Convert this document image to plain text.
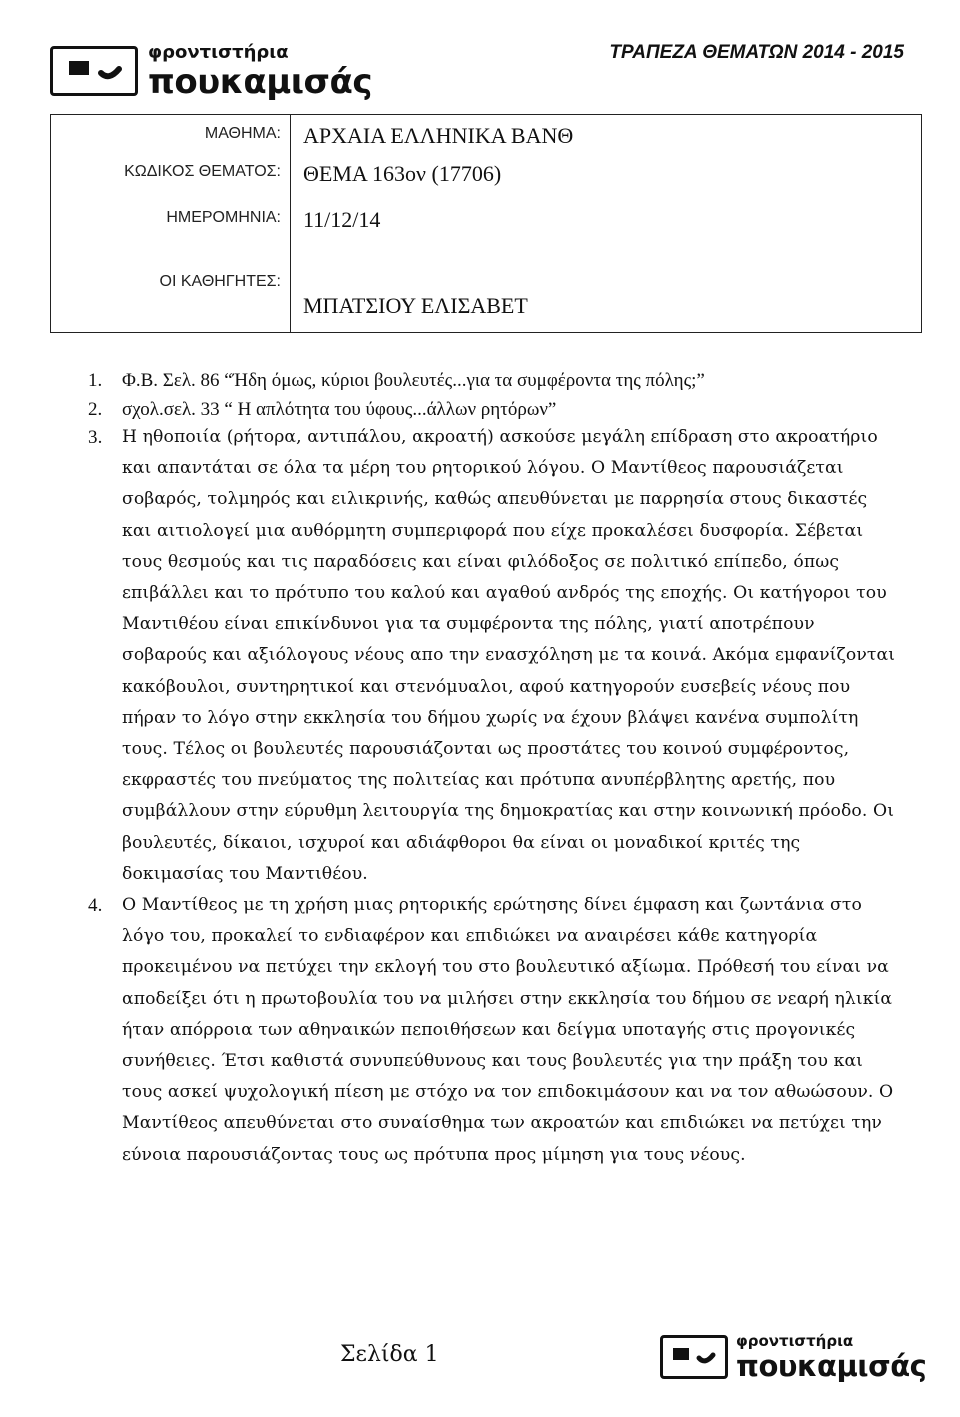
φροντιστήρια
πουκαμισάς
ΤΡΑΠΕΖΑ ΘΕΜΑΤΩΝ 2014 - 2015
ΜΑΘΗΜΑ: ΑΡΧΑΙΑ ΕΛΛΗΝΙΚΑ ΒΑΝΘ
ΚΩΔΙΚΟΣ ΘΕΜΑΤΟΣ: ΘΕΜΑ 163ον (17706)
ΗΜΕΡΟΜΗΝΙΑ: 11/12/14
ΟΙ ΚΑΘΗΓΗΤΕΣ:
ΜΠΑΤΣΙΟΥ ΕΛΙΣΑΒΕΤ
1.	Φ.Β. Σελ. 86 “Ήδη όμως, κύριοι βουλευτές...για τα συμφέροντα της πόλης;”
2.	σχολ.σελ. 33 “ Η απλότητα του ύφους...άλλων ρητόρων”
3.	Η ηθοποιία (ρήτορα, αντιπάλου, ακροατή) ασκούσε μεγάλη επίδραση στο ακροατήριο και απαντάται σε όλα τα μέρη του ρητορικού λόγου. Ο Μαντίθεος παρουσιάζεται σοβαρός, τολμηρός και ειλικρινής, καθώς απευθύνεται με παρρησία στους δικαστές και αιτιολογεί μια αυθόρμητη συμπεριφορά που είχε προκαλέσει δυσφορία. Σέβεται τους θεσμούς και τις παραδόσεις και είναι φιλόδοξος σε πολιτικό επίπεδο, όπως επιβάλλει και το πρότυπο του καλού και αγαθού ανδρός της εποχής. Οι κατήγοροι του Μαντιθέου είναι επικίνδυνοι για τα συμφέροντα της πόλης, γιατί αποτρέπουν σοβαρούς και αξιόλογους νέους απο την ενασχόληση με τα κοινά. Ακόμα εμφανίζονται κακόβουλοι, συντηρητικοί και στενόμυαλοι, αφού κατηγορούν ευσεβείς νέους που πήραν το λόγο στην εκκλησία του δήμου χωρίς να έχουν βλάψει κανένα συμπολίτη τους. Τέλος οι βουλευτές παρουσιάζονται ως προστάτες του κοινού συμφέροντος, εκφραστές του πνεύματος της πολιτείας και πρότυπα ανυπέρβλητης αρετής, που συμβάλλουν στην εύρυθμη λειτουργία της δημοκρατίας και στην κοινωνική πρόοδο. Οι βουλευτές, δίκαιοι, ισχυροί και αδιάφθοροι θα είναι οι μοναδικοί κριτές της δοκιμασίας του Μαντιθέου.
4.	Ο Μαντίθεος με τη χρήση μιας ρητορικής ερώτησης δίνει έμφαση και ζωντάνια στο λόγο του, προκαλεί το ενδιαφέρον και επιδιώκει να αναιρέσει κάθε κατηγορία προκειμένου να πετύχει την εκλογή του στο βουλευτικό αξίωμα. Πρόθεσή του είναι να αποδείξει ότι η πρωτοβουλία του να μιλήσει στην εκκλησία του δήμου σε νεαρή ηλικία ήταν απόρροια των αθηναικών πεποιθήσεων και δείγμα υποταγής στις προγονικές συνήθειες. Έτσι καθιστά συνυπεύθυνους και τους βουλευτές για την πράξη του και τους ασκεί ψυχολογική πίεση με στόχο να τον επιδοκιμάσουν και να τον αθωώσουν. Ο Μαντίθεος απευθύνεται στο συναίσθημα των ακροατών και επιδιώκει να πετύχει την εύνοια παρουσιάζοντας τους ως πρότυπα προς μίμηση για τους νέους.
Σελίδα 1
φροντιστήρια
πουκαμισάς
